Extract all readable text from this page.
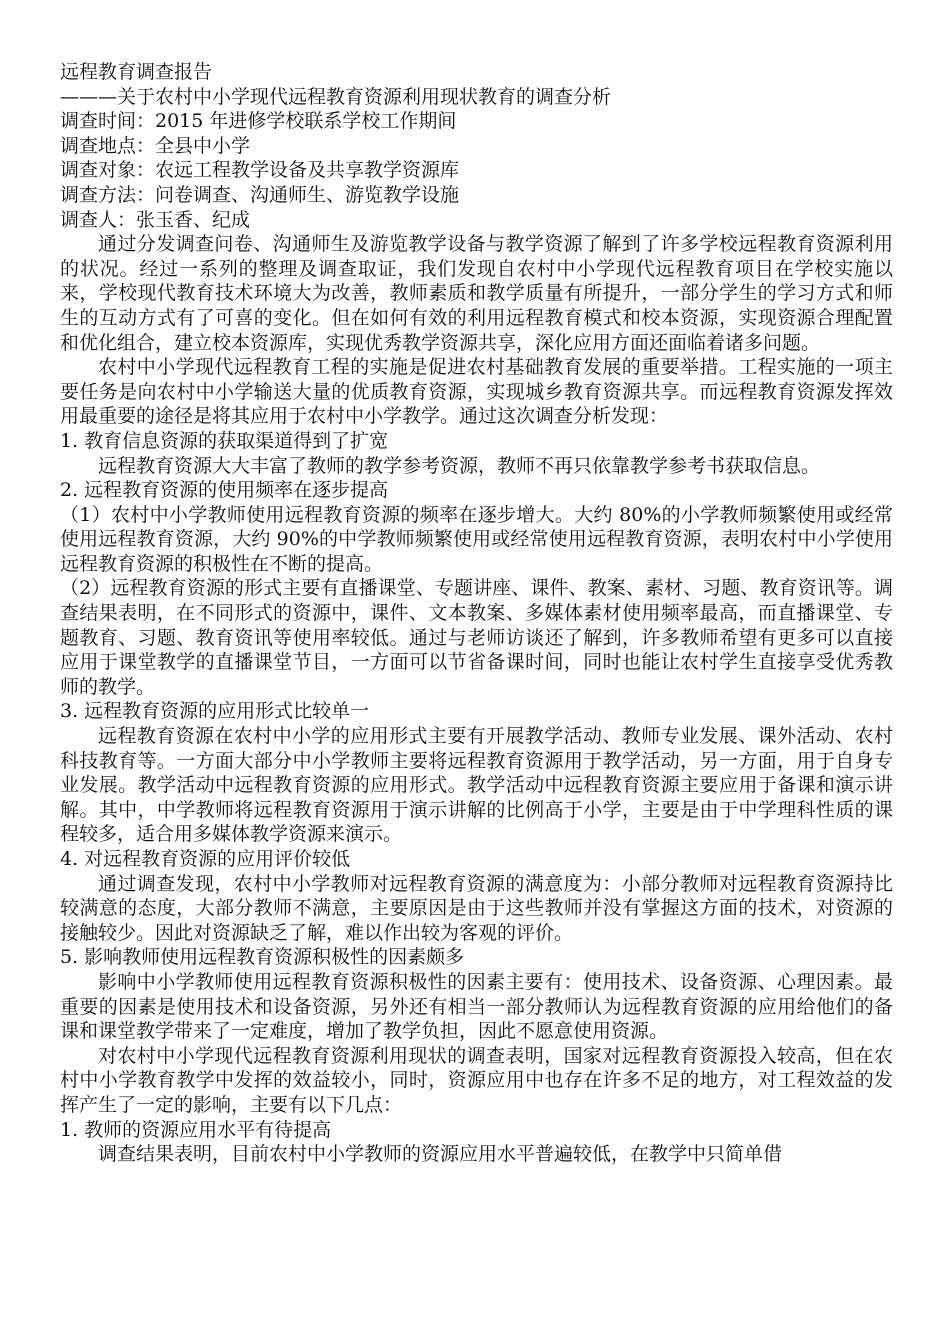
远程教育调查报告

———关于农村中小学现代远程教育资源利用现状教育的调查分析

调查时间：2015 年进修学校联系学校工作期间

调查地点：全县中小学

调查对象：农远工程教学设备及共享教学资源库

调查方法：问卷调查、沟通师生、游览教学设施

调查人：张玉香、纪成

通过分发调查问卷、沟通师生及游览教学设备与教学资源了解到了许多学校远程教育资源利用的状况。经过一系列的整理及调查取证，我们发现自农村中小学现代远程教育项目在学校实施以来，学校现代教育技术环境大为改善，教师素质和教学质量有所提升，一部分学生的学习方式和师生的互动方式有了可喜的变化。但在如何有效的利用远程教育模式和校本资源，实现资源合理配置和优化组合，建立校本资源库，实现优秀教学资源共享，深化应用方面还面临着诸多问题。

农村中小学现代远程教育工程的实施是促进农村基础教育发展的重要举措。工程实施的一项主要任务是向农村中小学输送大量的优质教育资源，实现城乡教育资源共享。而远程教育资源发挥效用最重要的途径是将其应用于农村中小学教学。通过这次调查分析发现：

1. 教育信息资源的获取渠道得到了扩宽

远程教育资源大大丰富了教师的教学参考资源，教师不再只依靠教学参考书获取信息。

2. 远程教育资源的使用频率在逐步提高

（1）农村中小学教师使用远程教育资源的频率在逐步增大。大约 80%的小学教师频繁使用或经常使用远程教育资源，大约 90%的中学教师频繁使用或经常使用远程教育资源，表明农村中小学使用远程教育资源的积极性在不断的提高。

（2）远程教育资源的形式主要有直播课堂、专题讲座、课件、教案、素材、习题、教育资讯等。调查结果表明，在不同形式的资源中，课件、文本教案、多媒体素材使用频率最高，而直播课堂、专题教育、习题、教育资讯等使用率较低。通过与老师访谈还了解到，许多教师希望有更多可以直接应用于课堂教学的直播课堂节目，一方面可以节省备课时间，同时也能让农村学生直接享受优秀教师的教学。

3. 远程教育资源的应用形式比较单一

远程教育资源在农村中小学的应用形式主要有开展教学活动、教师专业发展、课外活动、农村科技教育等。一方面大部分中小学教师主要将远程教育资源用于教学活动，另一方面，用于自身专业发展。教学活动中远程教育资源的应用形式。教学活动中远程教育资源主要应用于备课和演示讲解。其中，中学教师将远程教育资源用于演示讲解的比例高于小学，主要是由于中学理科性质的课程较多，适合用多媒体教学资源来演示。

4. 对远程教育资源的应用评价较低

通过调查发现，农村中小学教师对远程教育资源的满意度为：小部分教师对远程教育资源持比较满意的态度，大部分教师不满意，主要原因是由于这些教师并没有掌握这方面的技术，对资源的接触较少。因此对资源缺乏了解，难以作出较为客观的评价。

5. 影响教师使用远程教育资源积极性的因素颇多

影响中小学教师使用远程教育资源积极性的因素主要有：使用技术、设备资源、心理因素。最重要的因素是使用技术和设备资源，另外还有相当一部分教师认为远程教育资源的应用给他们的备课和课堂教学带来了一定难度，增加了教学负担，因此不愿意使用资源。

对农村中小学现代远程教育资源利用现状的调查表明，国家对远程教育资源投入较高，但在农村中小学教育教学中发挥的效益较小，同时，资源应用中也存在许多不足的地方，对工程效益的发挥产生了一定的影响，主要有以下几点：

1. 教师的资源应用水平有待提高

调查结果表明，目前农村中小学教师的资源应用水平普遍较低，在教学中只简单借
